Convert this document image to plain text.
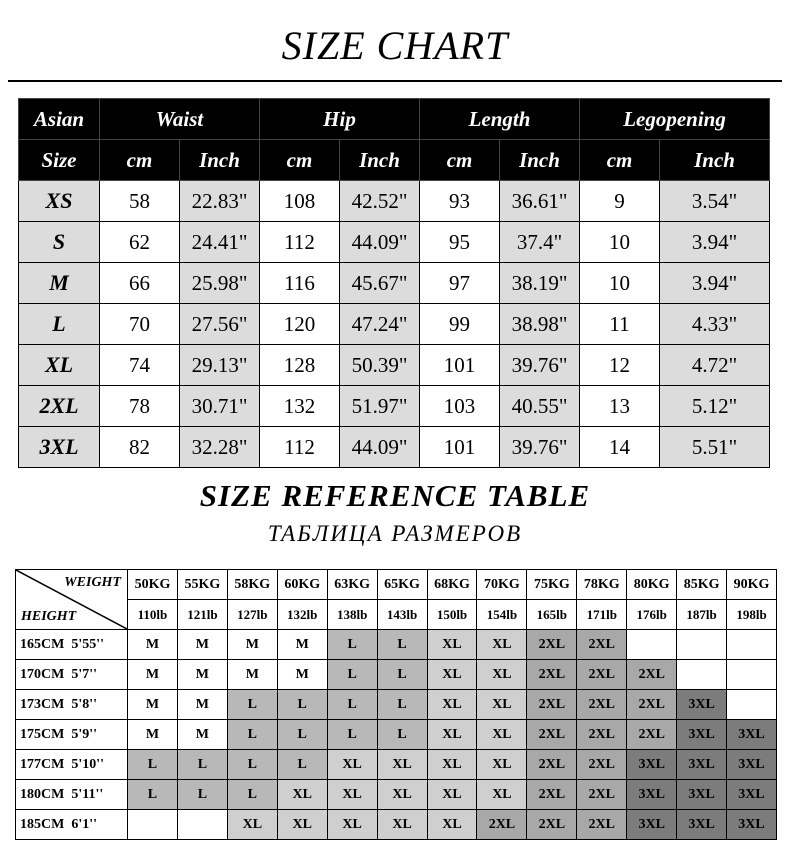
SIZE CHART
Asian	Waist		Hip		Length		Legopening	
Size	cm	Inch	cm	Inch	cm	Inch	cm	Inch
XS	58	22.83"	108	42.52"	93	36.61"	9	3.54"
S	62	24.41"	112	44.09"	95	37.4"	10	3.94"
M	66	25.98"	116	45.67"	97	38.19"	10	3.94"
L	70	27.56"	120	47.24"	99	38.98"	11	4.33"
XL	74	29.13"	128	50.39"	101	39.76"	12	4.72"
2XL	78	30.71"	132	51.97"	103	40.55"	13	5.12"
3XL	82	32.28"	112	44.09"	101	39.76"	14	5.51"
SIZE REFERENCE TABLE
ТАБЛИЦА РАЗМЕРОВ
WEIGHT
HEIGHT	50KG	55KG	58KG	60KG	63KG	65KG	68KG	70KG	75KG	78KG	80KG	85KG	90KG
	110lb	121lb	127lb	132lb	138lb	143lb	150lb	154lb	165lb	171lb	176lb	187lb	198lb
165CM  5'55''	M	M	M	M	L	L	XL	XL	2XL	2XL			
170CM  5'7''	M	M	M	M	L	L	XL	XL	2XL	2XL	2XL		
173CM  5'8''	M	M	L	L	L	L	XL	XL	2XL	2XL	2XL	3XL	
175CM  5'9''	M	M	L	L	L	L	XL	XL	2XL	2XL	2XL	3XL	3XL
177CM  5'10''	L	L	L	L	XL	XL	XL	XL	2XL	2XL	3XL	3XL	3XL
180CM  5'11''	L	L	L	XL	XL	XL	XL	XL	2XL	2XL	3XL	3XL	3XL
185CM  6'1''			XL	XL	XL	XL	XL	2XL	2XL	2XL	3XL	3XL	3XL
